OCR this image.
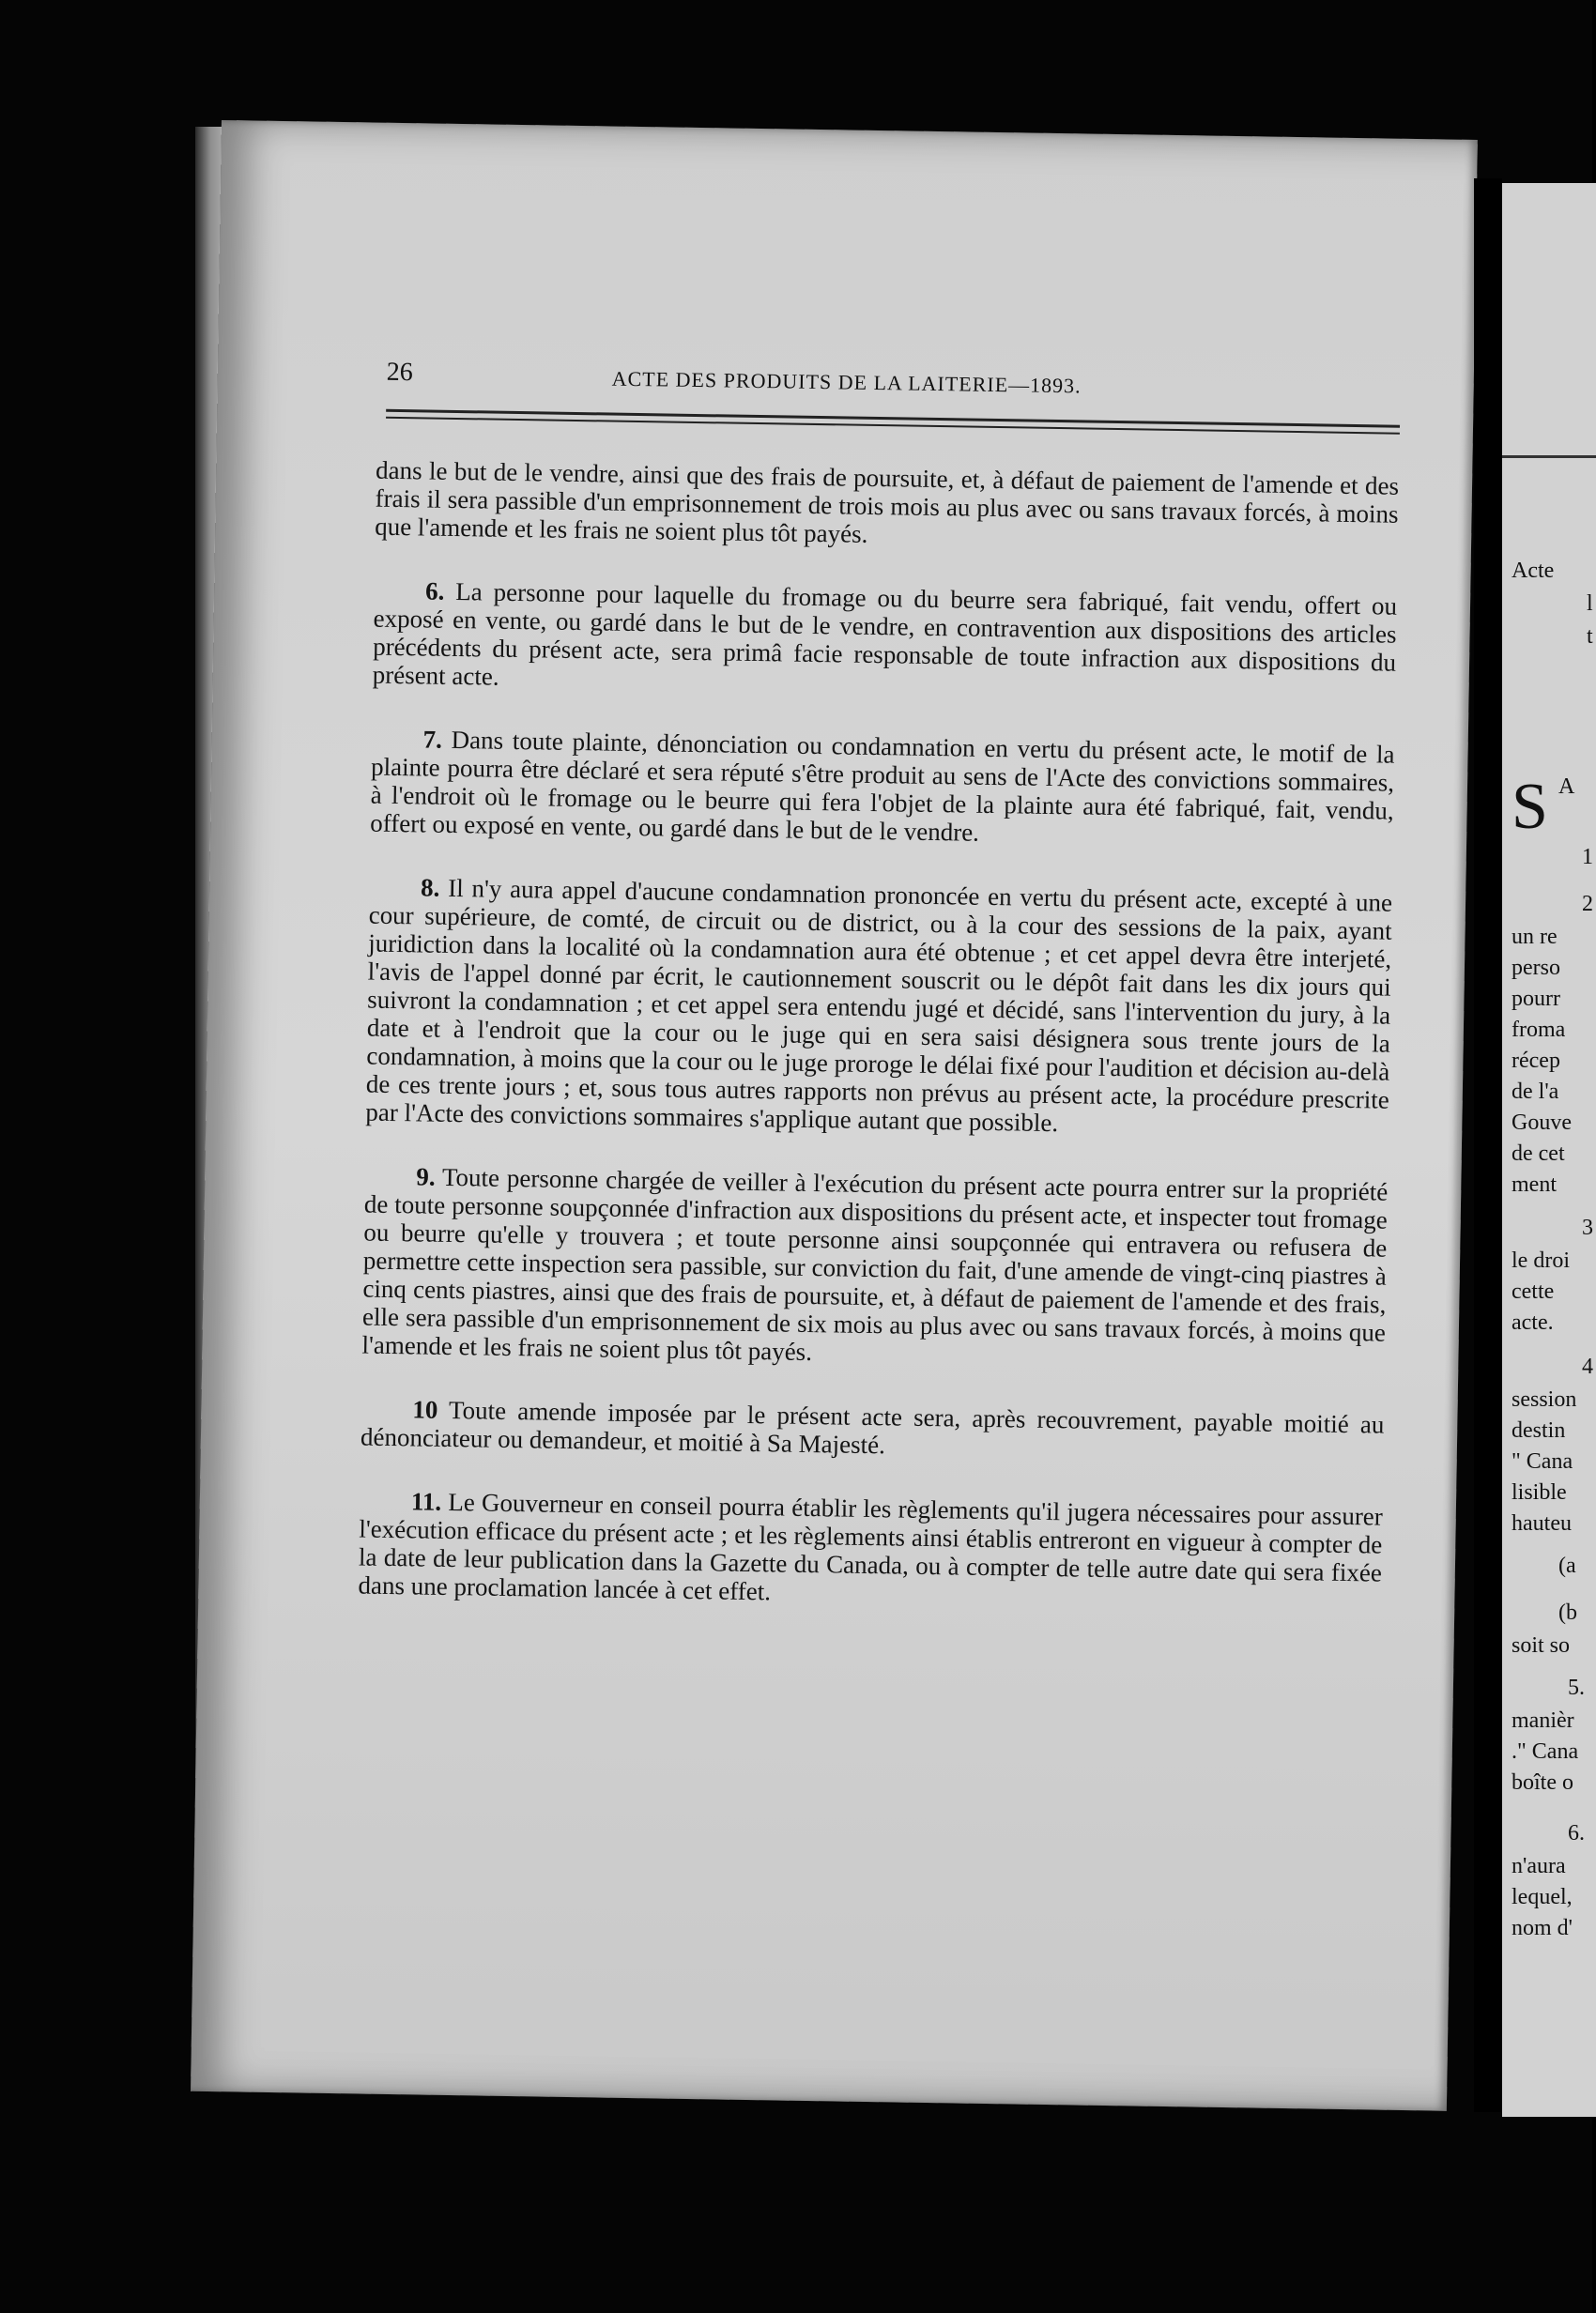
26	ACTE DES PRODUITS DE LA LAITERIE—1893.

dans le but de le vendre, ainsi que des frais de poursuite, et, à défaut de paiement de l'amende et des frais il sera passible d'un emprisonnement de trois mois au plus avec ou sans travaux forcés, à moins que l'amende et les frais ne soient plus tôt payés.

6. La personne pour laquelle du fromage ou du beurre sera fabriqué, fait vendu, offert ou exposé en vente, ou gardé dans le but de le vendre, en contravention aux dispositions des articles précédents du présent acte, sera primâ facie responsable de toute infraction aux dispositions du présent acte.

7. Dans toute plainte, dénonciation ou condamnation en vertu du présent acte, le motif de la plainte pourra être déclaré et sera réputé s'être produit au sens de l'Acte des convictions sommaires, à l'endroit où le fromage ou le beurre qui fera l'objet de la plainte aura été fabriqué, fait, vendu, offert ou exposé en vente, ou gardé dans le but de le vendre.

8. Il n'y aura appel d'aucune condamnation prononcée en vertu du présent acte, excepté à une cour supérieure, de comté, de circuit ou de district, ou à la cour des sessions de la paix, ayant juridiction dans la localité où la condamnation aura été obtenue ; et cet appel devra être interjeté, l'avis de l'appel donné par écrit, le cautionnement souscrit ou le dépôt fait dans les dix jours qui suivront la condamnation ; et cet appel sera entendu jugé et décidé, sans l'intervention du jury, à la date et à l'endroit que la cour ou le juge qui en sera saisi désignera sous trente jours de la condamnation, à moins que la cour ou le juge proroge le délai fixé pour l'audition et décision au-delà de ces trente jours ; et, sous tous autres rapports non prévus au présent acte, la procédure prescrite par l'Acte des convictions sommaires s'applique autant que possible.

9. Toute personne chargée de veiller à l'exécution du présent acte pourra entrer sur la propriété de toute personne soupçonnée d'infraction aux dispositions du présent acte, et inspecter tout fromage ou beurre qu'elle y trouvera ; et toute personne ainsi soupçonnée qui entravera ou refusera de permettre cette inspection sera passible, sur conviction du fait, d'une amende de vingt-cinq piastres à cinq cents piastres, ainsi que des frais de poursuite, et, à défaut de paiement de l'amende et des frais, elle sera passible d'un emprisonnement de six mois au plus avec ou sans travaux forcés, à moins que l'amende et les frais ne soient plus tôt payés.

10 Toute amende imposée par le présent acte sera, après recouvrement, payable moitié au dénonciateur ou demandeur, et moitié à Sa Majesté.

11. Le Gouverneur en conseil pourra établir les règlements qu'il jugera nécessaires pour assurer l'exécution efficace du présent acte ; et les règlements ainsi établis entreront en vigueur à compter de la date de leur publication dans la Gazette du Canada, ou à compter de telle autre date qui sera fixée dans une proclamation lancée à cet effet.

Acte
l
t
S A
1
2
un re
perso
pourr
froma
récep
de l'a
Gouve
de cet
ment
3
le droi
cette
acte.
4
session
destin
" Cana
lisible
hauteu
(a
(b
soit so
5.
manièr
." Cana
boîte o
6.
n'aura
lequel,
nom d'
